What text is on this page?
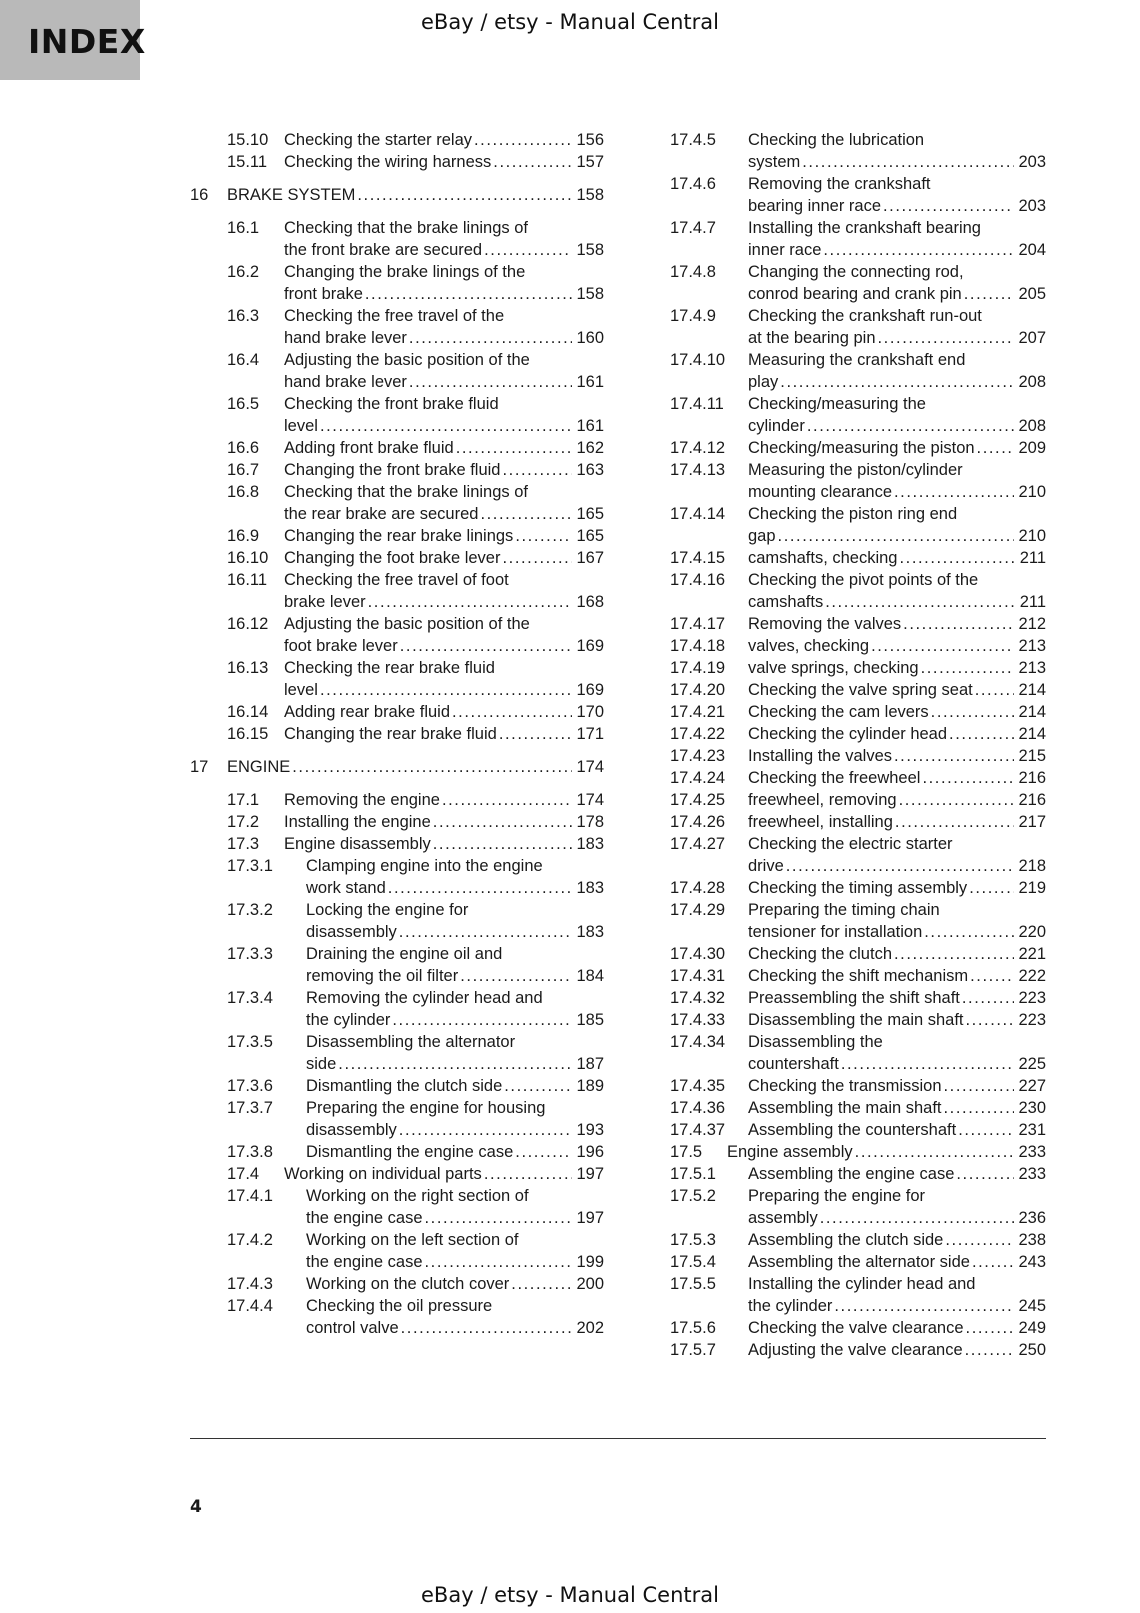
INDEX	eBay / etsy - Manual Central
15.10 Checking the starter relay . . .	156
15.11	Checking the wiring harness . . .	157
16	BRAKE SYSTEM . . .	158
16.1	Checking that the brake linings of
the front brake are secured . . .	158
16.2	Changing the brake linings of the
front brake . . .	158
16.3	Checking the free travel of the
hand brake lever . . .	160
16.4	Adjusting the basic position of the
hand brake lever . . .	161
16.5	Checking the front brake fluid
level . . .	161
16.6	Adding front brake fluid . . .	162
16.7	Changing the front brake fluid . . .	163
16.8	Checking that the brake linings of
the rear brake are secured . . .	165
16.9	Changing the rear brake linings . . .	165
16.10 Changing the foot brake lever . . .	167
16.11	Checking the free travel of foot
brake lever . . .	168
16.12 Adjusting the basic position of the
foot brake lever . . .	169
16.13 Checking the rear brake fluid
level . . .	169
16.14 Adding rear brake fluid . . .	170
16.15 Changing the rear brake fluid . . .	171
17	ENGINE . . .	174
17.1	Removing the engine . . .	174
17.2	Installing the engine . . .	178
17.3	Engine disassembly . . .	183
17.3.1	Clamping engine into the engine
work stand . . .	183
17.3.2	Locking the engine for
disassembly . . .	183
17.3.3	Draining the engine oil and
removing the oil filter . . .	184
17.3.4	Removing the cylinder head and
the cylinder . . .	185
17.3.5	Disassembling the alternator
side . . .	187
17.3.6	Dismantling the clutch side . . .	189
17.3.7	Preparing the engine for housing
disassembly . . .	193
17.3.8	Dismantling the engine case . . .	196
17.4	Working on individual parts . . .	197
17.4.1	Working on the right section of
the engine case . . .	197
17.4.2	Working on the left section of
the engine case . . .	199
17.4.3	Working on the clutch cover . . .	200
17.4.4	Checking the oil pressure
control valve . . .	202
17.4.5	Checking the lubrication
system . . .	203
17.4.6	Removing the crankshaft
bearing inner race . . .	203
17.4.7	Installing the crankshaft bearing
inner race . . .	204
17.4.8	Changing the connecting rod,
conrod bearing and crank pin . . .	205
17.4.9	Checking the crankshaft run-out
at the bearing pin . . .	207
17.4.10	Measuring the crankshaft end
play . . .	208
17.4.11	Checking/measuring the
cylinder . . .	208
17.4.12	Checking/measuring the piston . . .	209
17.4.13	Measuring the piston/cylinder
mounting clearance . . .	210
17.4.14	Checking the piston ring end
gap . . .	210
17.4.15	camshafts, checking . . .	211
17.4.16	Checking the pivot points of the
camshafts . . .	211
17.4.17	Removing the valves . . .	212
17.4.18	valves, checking . . .	213
17.4.19	valve springs, checking . . .	213
17.4.20	Checking the valve spring seat . . .	214
17.4.21	Checking the cam levers . . .	214
17.4.22	Checking the cylinder head . . .	214
17.4.23	Installing the valves . . .	215
17.4.24	Checking the freewheel . . .	216
17.4.25	freewheel, removing . . .	216
17.4.26	freewheel, installing . . .	217
17.4.27	Checking the electric starter
drive . . .	218
17.4.28	Checking the timing assembly . . .	219
17.4.29	Preparing the timing chain
tensioner for installation . . .	220
17.4.30	Checking the clutch . . .	221
17.4.31	Checking the shift mechanism . . .	222
17.4.32	Preassembling the shift shaft . . .	223
17.4.33	Disassembling the main shaft . . .	223
17.4.34	Disassembling the
countershaft . . .	225
17.4.35	Checking the transmission . . .	227
17.4.36	Assembling the main shaft . . .	230
17.4.37	Assembling the countershaft . . .	231
17.5	Engine assembly . . .	233
17.5.1	Assembling the engine case . . .	233
17.5.2	Preparing the engine for
assembly . . .	236
17.5.3	Assembling the clutch side . . .	238
17.5.4	Assembling the alternator side . . .	243
17.5.5	Installing the cylinder head and
the cylinder . . .	245
17.5.6	Checking the valve clearance . . .	249
17.5.7	Adjusting the valve clearance . . .	250
4
eBay / etsy - Manual Central
